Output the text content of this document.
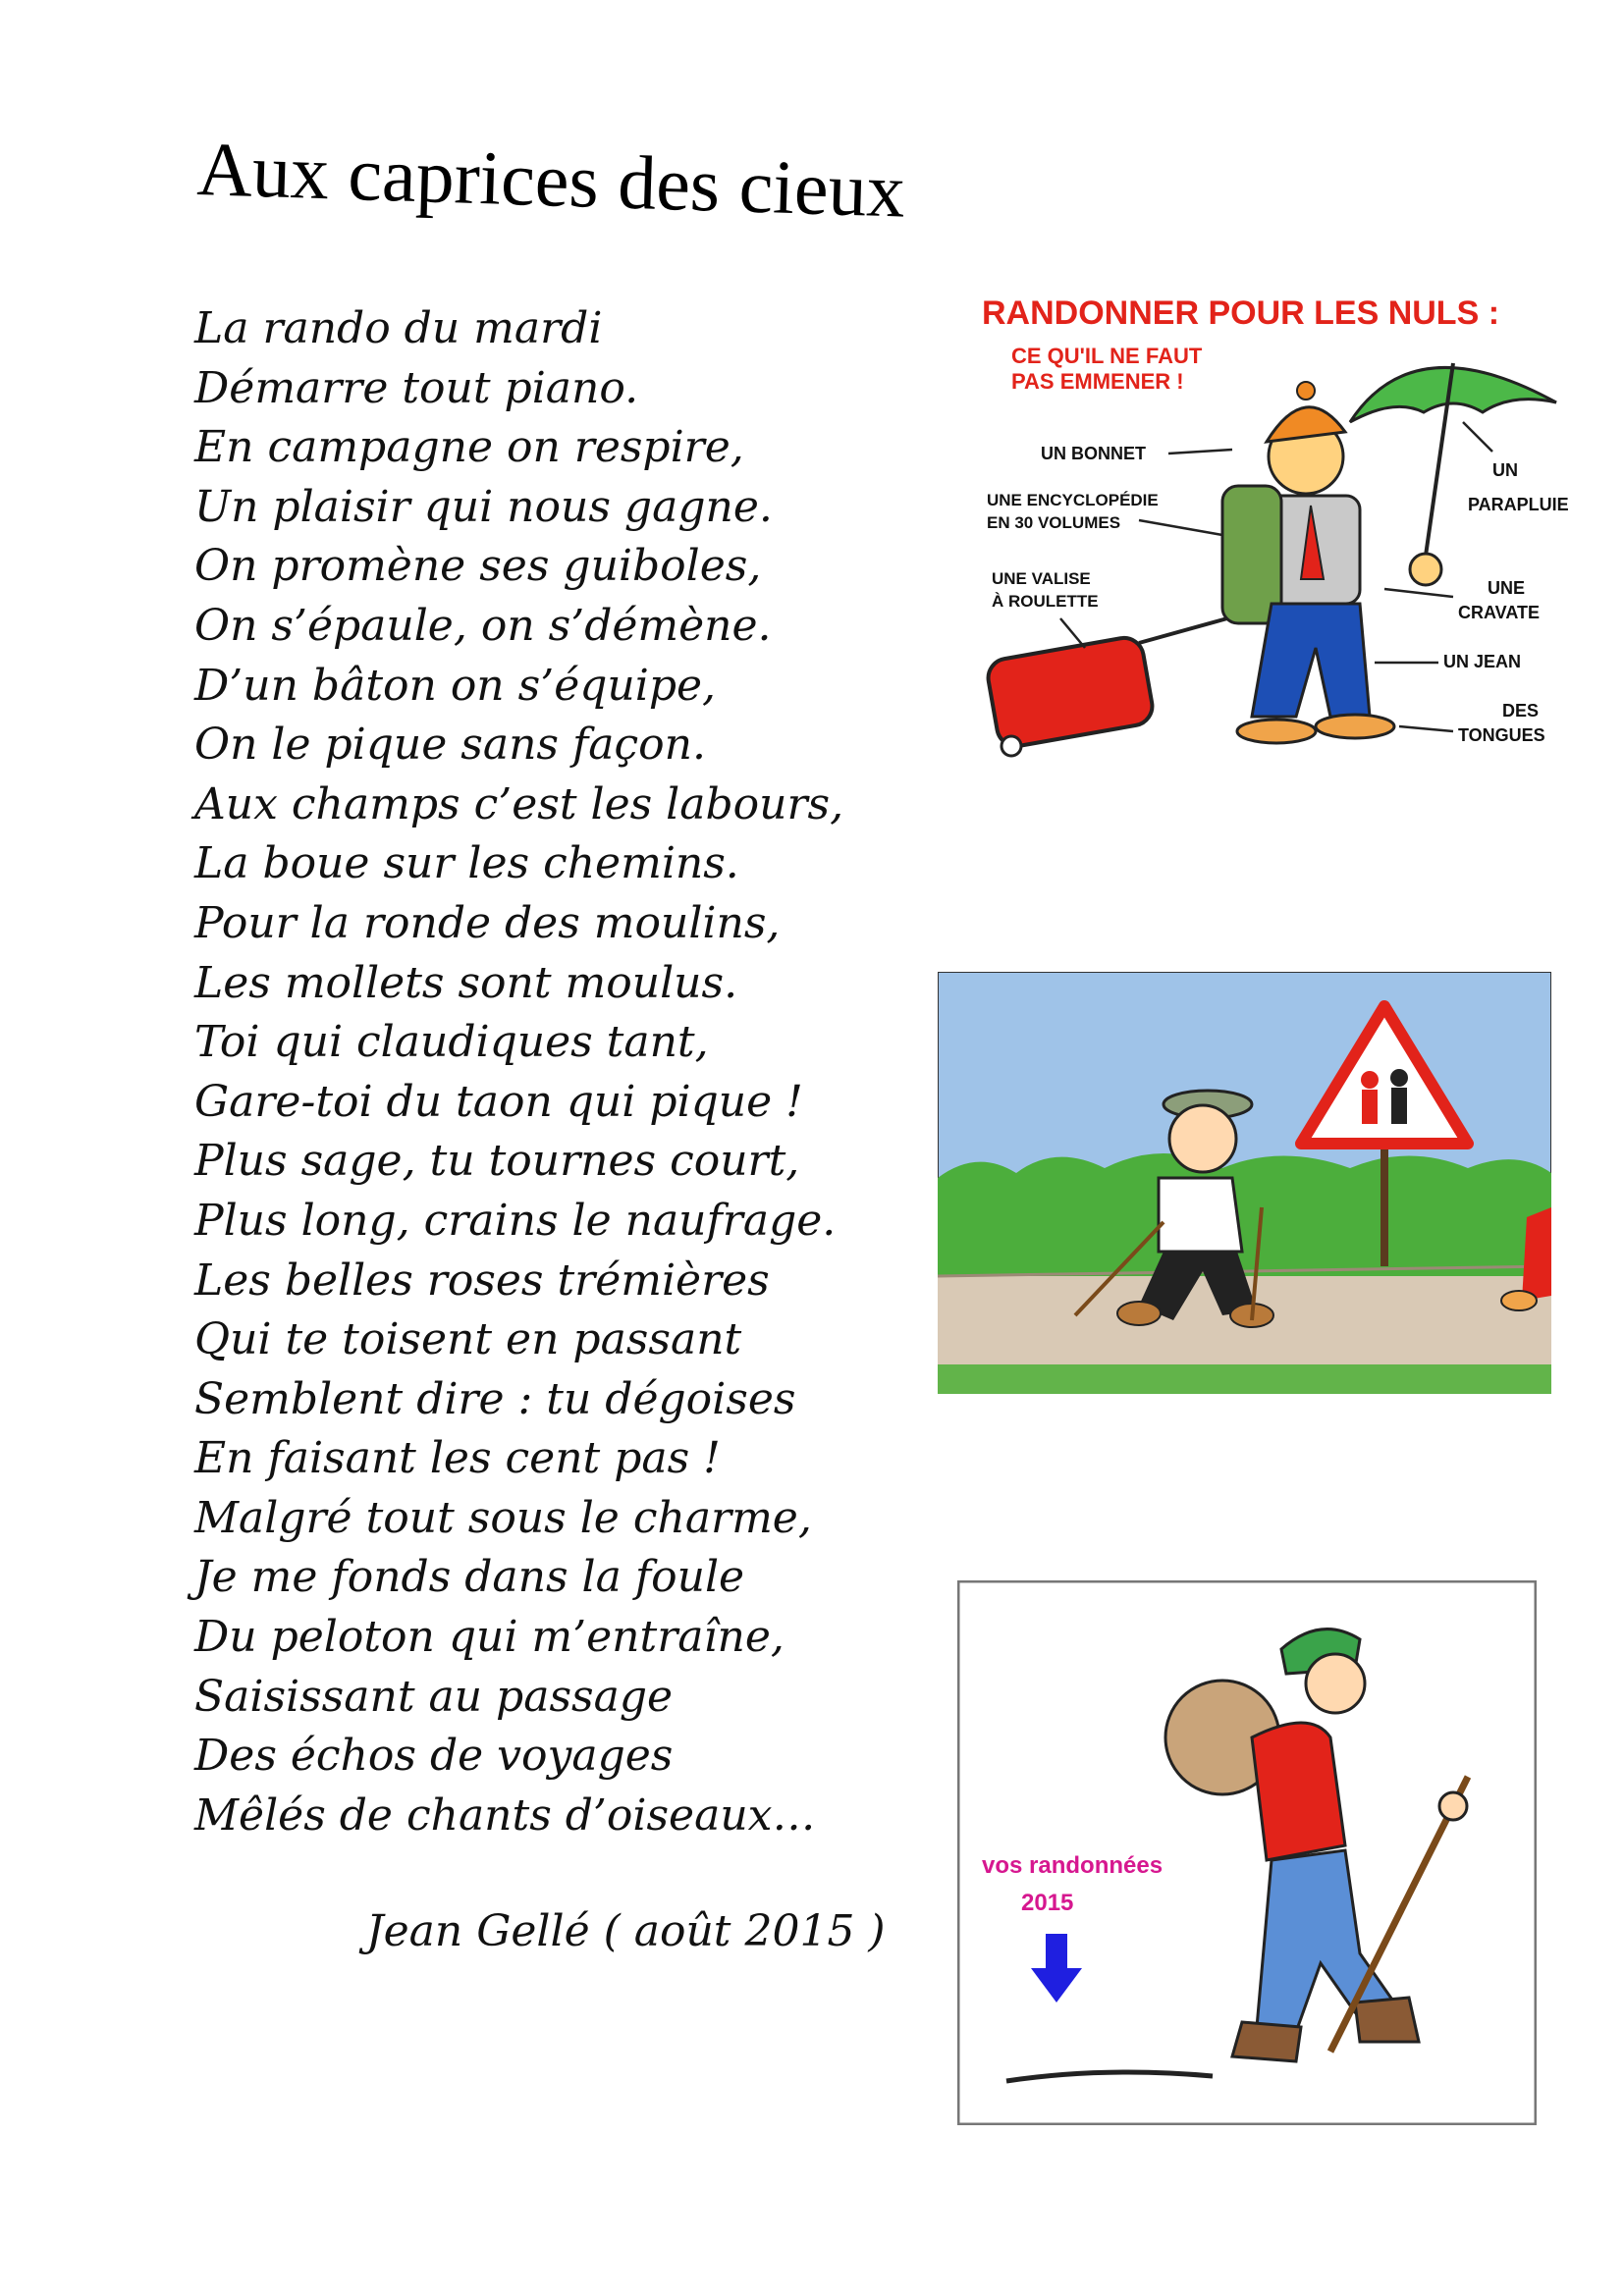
Aux caprices des cieux
La rando du mardi
Démarre tout piano.
En campagne on respire,
Un plaisir qui nous gagne.
On promène ses guiboles,
On s’épaule, on s’démène.
D’un bâton on s’équipe,
On le pique sans façon.
Aux champs c’est les labours,
La boue sur les chemins.
Pour la ronde des moulins,
Les mollets sont moulus.
Toi qui claudiques tant,
Gare-toi du taon qui pique !
Plus sage, tu tournes court,
Plus long, crains le naufrage.
Les belles roses trémières
Qui te toisent en passant
Semblent dire : tu dégoises
En faisant les cent pas !
Malgré tout sous le charme,
Je me fonds dans la foule
Du peloton qui m’entraîne,
Saisissant au passage
Des échos de voyages
Mêlés de chants d’oiseaux…
Jean Gellé ( août 2015 )
RANDONNER POUR LES NULS :
CE QU'IL NE FAUT
PAS EMMENER !
UN BONNET
UNE ENCYCLOPÉDIE
EN 30 VOLUMES
UNE VALISE
À ROULETTE
UN
PARAPLUIE
UNE
CRAVATE
UN JEAN
DES
TONGUES
vos randonnées
2015
